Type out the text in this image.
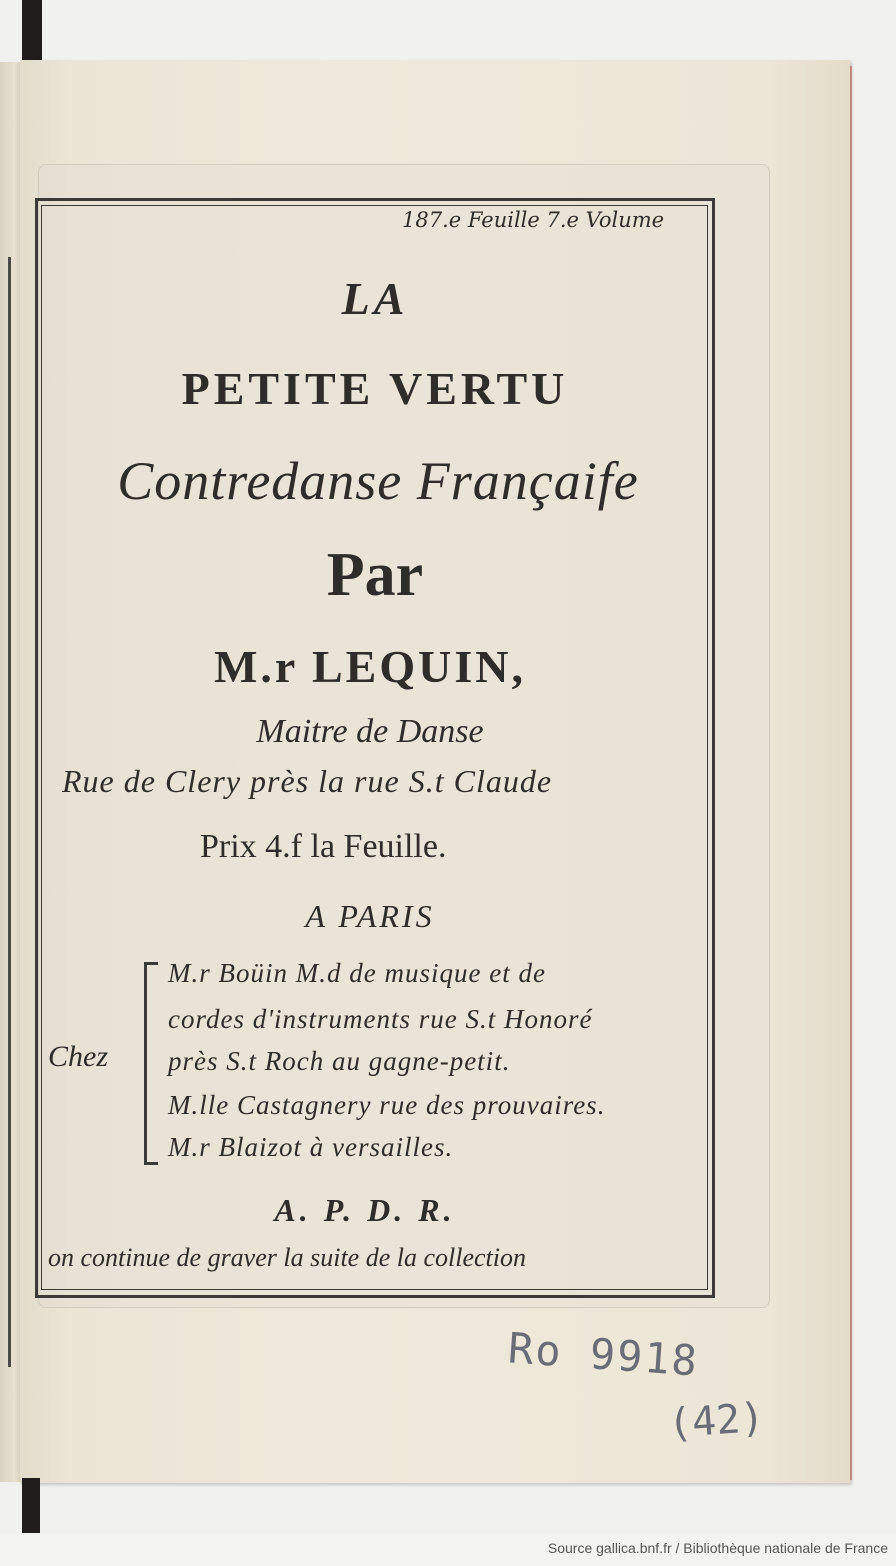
187.e Feuille 7.e Volume
LA
PETITE VERTU
Contredanse Françaife
Par
M.r LEQUIN,
Maitre de Danse
Rue de Clery près la rue S.t Claude
Prix 4.f la Feuille.
A PARIS
Chez
M.r Boüin M.d de musique et de
cordes d'instruments rue S.t Honoré
près S.t Roch au gagne-petit.
M.lle Castagnery rue des prouvaires.
M.r Blaizot à versailles.
A. P. D. R.
on continue de graver la suite de la collection
Ro 9918
(42)
Source gallica.bnf.fr / Bibliothèque nationale de France
